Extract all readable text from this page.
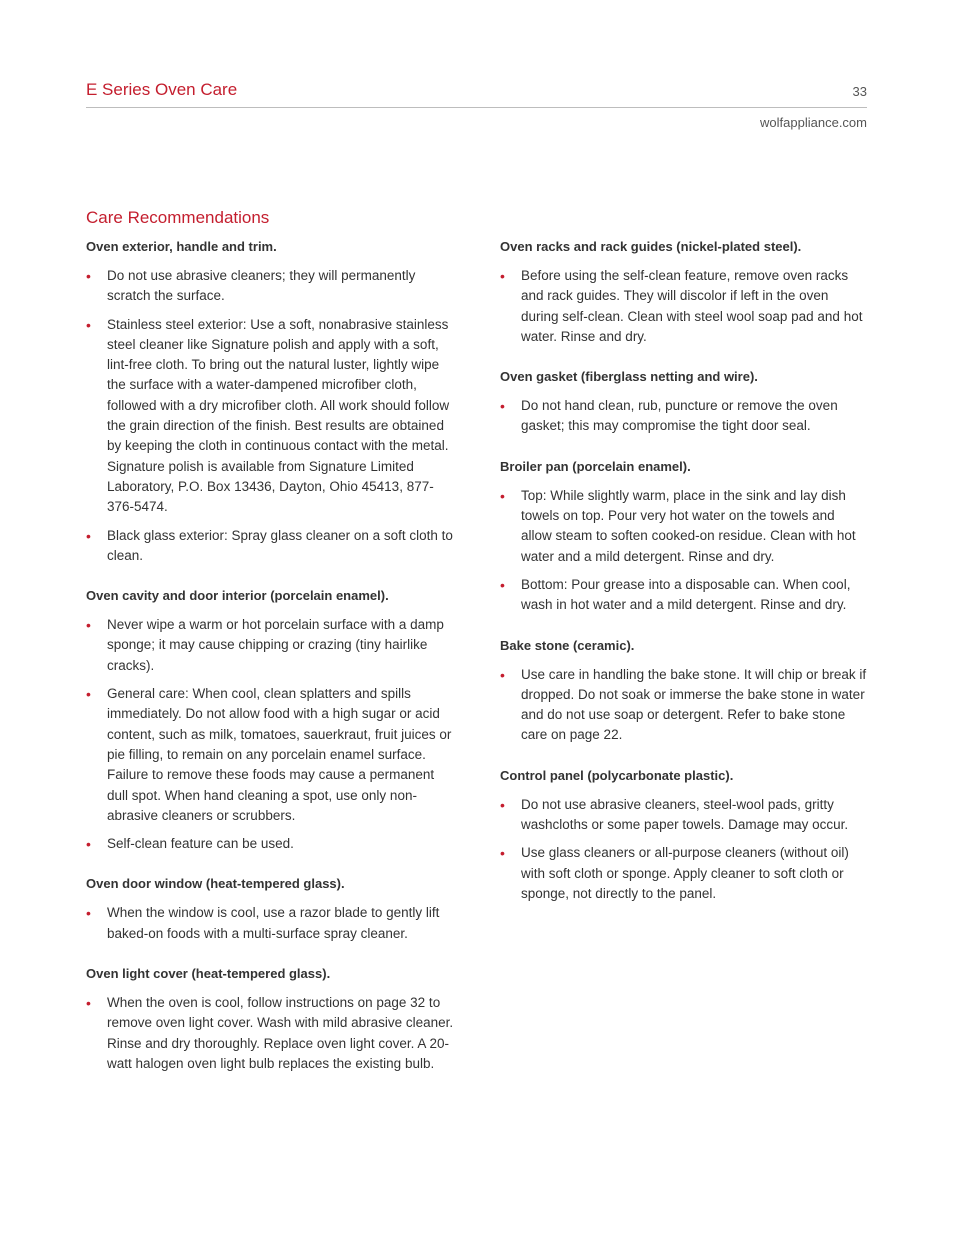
E Series Oven Care	33
wolfappliance.com
Care Recommendations
Oven exterior, handle and trim.
• Do not use abrasive cleaners; they will permanently scratch the surface.
• Stainless steel exterior: Use a soft, nonabrasive stainless steel cleaner like Signature polish and apply with a soft, lint-free cloth. To bring out the natural luster, lightly wipe the surface with a water-dampened microfiber cloth, followed with a dry microfiber cloth. All work should follow the grain direction of the finish. Best results are obtained by keeping the cloth in continuous contact with the metal. Signature polish is available from Signature Limited Laboratory, P.O. Box 13436, Dayton, Ohio 45413, 877-376-5474.
• Black glass exterior: Spray glass cleaner on a soft cloth to clean.
Oven cavity and door interior (porcelain enamel).
• Never wipe a warm or hot porcelain surface with a damp sponge; it may cause chipping or crazing (tiny hairlike cracks).
• General care: When cool, clean splatters and spills immediately. Do not allow food with a high sugar or acid content, such as milk, tomatoes, sauerkraut, fruit juices or pie filling, to remain on any porcelain enamel surface. Failure to remove these foods may cause a permanent dull spot. When hand cleaning a spot, use only non-abrasive cleaners or scrubbers.
• Self-clean feature can be used.
Oven door window (heat-tempered glass).
• When the window is cool, use a razor blade to gently lift baked-on foods with a multi-surface spray cleaner.
Oven light cover (heat-tempered glass).
• When the oven is cool, follow instructions on page 32 to remove oven light cover. Wash with mild abrasive cleaner. Rinse and dry thoroughly. Replace oven light cover. A 20-watt halogen oven light bulb replaces the existing bulb.
Oven racks and rack guides (nickel-plated steel).
• Before using the self-clean feature, remove oven racks and rack guides. They will discolor if left in the oven during self-clean. Clean with steel wool soap pad and hot water. Rinse and dry.
Oven gasket (fiberglass netting and wire).
• Do not hand clean, rub, puncture or remove the oven gasket; this may compromise the tight door seal.
Broiler pan (porcelain enamel).
• Top: While slightly warm, place in the sink and lay dish towels on top. Pour very hot water on the towels and allow steam to soften cooked-on residue. Clean with hot water and a mild detergent. Rinse and dry.
• Bottom: Pour grease into a disposable can. When cool, wash in hot water and a mild detergent. Rinse and dry.
Bake stone (ceramic).
• Use care in handling the bake stone. It will chip or break if dropped. Do not soak or immerse the bake stone in water and do not use soap or detergent. Refer to bake stone care on page 22.
Control panel (polycarbonate plastic).
• Do not use abrasive cleaners, steel-wool pads, gritty washcloths or some paper towels. Damage may occur.
• Use glass cleaners or all-purpose cleaners (without oil) with soft cloth or sponge. Apply cleaner to soft cloth or sponge, not directly to the panel.
